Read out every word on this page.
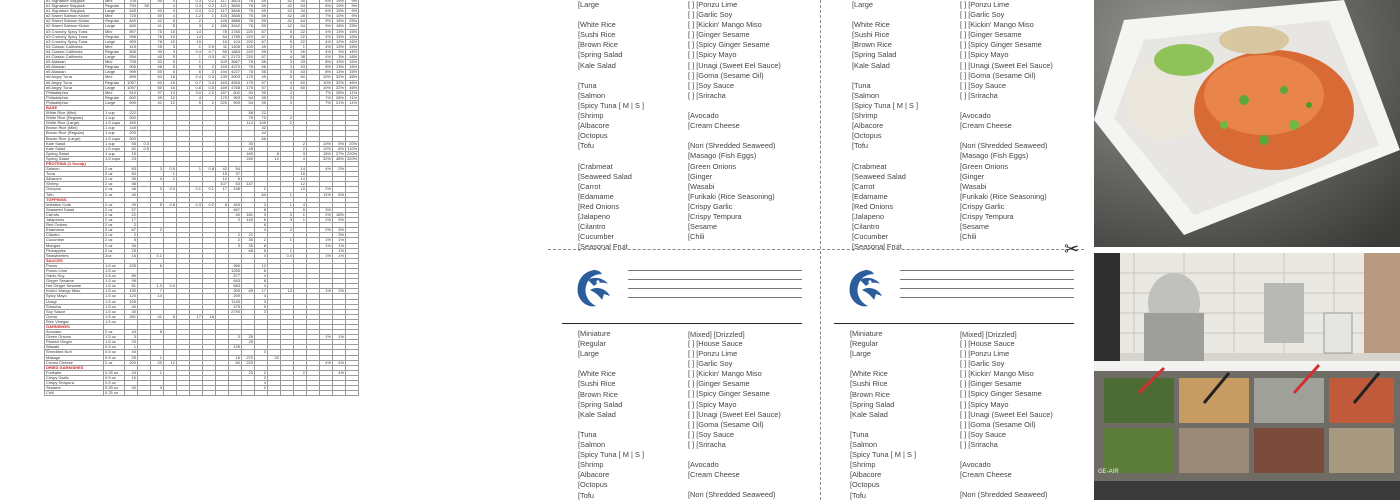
#1 Signature Skipjack	Mini	705		40	4		0.3	0.2	117	3823	78	59		42	34		6%	19%	9%
#1 Signature Skipjack	Regular	794	50		4		0.3	0.2	121	3845	78	59		42	54		6%	19%	9%
#1 Signature Skipjack	Large	845		40	4		0.3	0.2	117	3846	78	59		42	34		6%	19%	9%
#2 Sweet Salmon Kicker	Mini	725		40	4		1.2	1	103	3835	76	59		42	28		7%	10%	9%
#2 Sweet Salmon Kicker	Regular	840		42	5		2		145	3888	78	59		42	64		9%	18%	25%
#2 Sweet Salmon Kicker	Large	840		41	5		3	2	185	3942	78	59		42	54		9%	18%	25%
#3 Crunchy Spicy Tuna	Mini	897		75	10		14		78	1783	220	67		5	22		4%	13%	16%
#3 Crunchy Spicy Tuna	Regular	996		76	10		14		54	1785	220	67		5	22		4%	13%	16%
#3 Crunchy Spicy Tuna	Large	993		76	10		19		16	104	220	67		5	22		4%	12%	16%
#4 Classic California	Mini	415		25	3		1	0.5	11	1408	100	49		3	1		4%	13%	16%
#4 Classic California	Regular	506		30	3		0.4	0.7	55	1863	220	55		3	26		4%	3%	16%
#4 Classic California	Large	559		40	5		1	0.5	67	2173	220	67		4	38		4%	3%	16%
#5 Alaskan	Mini	705		33	5		1		103	3667	78	56		3	33		8%	13%	16%
#5 Alaskan	Regular	906		48	5		5	2	153	4270	78	56		3	53		8%	13%	16%
#5 Alaskan	Large	999		50	6		6	2	194	4227	78	56		3	43		8%	13%	16%
#6 Angry Tuna	Mini	899		54	16		0.4	0.3	139	3903	175	49		5	60		10%	32%	46%
#6 Angry Tuna	Regular	1057		60	16		0.7	0.4	163	4553	175	57		4	60		10%	32%	46%
#6 Angry Tuna	Large	1097		60	16		0.8	0.5	169	4758	175	57		4	60		10%	32%	46%
Philadelphia	Mini	510		37	13		3.0	2.0	157	802	54	35		2			7%	28%	11%
Philadelphia	Regular	602		39	12		4		179	953	54	35		3			7%	28%	11%
Philadelphia	Large	690		41	12		5	2	220	909	54	35		3			7%	21%	11%
BASE																			
White Rice (Mini)	1 cup	222									58	22							
White Rice (Regular)	1 cup	300									75	70		2					
White Rice (Large)	1.5 cups	450									114	105		2					
Brown Rice (Mini)	1 cup	140										32							
Brown Rice (Regular)	1 cup	200										44							
Brown Rice (Large)	1.5 cups	300										66							
Kale Salad	1 cup	55	0.3								30				2		10%	5%	20%
Kale Salad	1.5 cups	82	0.5								45				2		10%	8%	110%
Spring Salad	1 cup	15									160		8		3		15%	27%	220%
Spring Salad	1.5 cups	23									240		12		4		32%	48%	320%
PROTEINS (1 Scoop)																			
Salmon	2 oz	83		3	0.5		1	0.8	42	54					14		4%	2%	
Tuna	2 oz	60			1				15	37					16				
Albacore	2 oz	30		4	1				12	6					14				
Shrimp	2 oz	56							107	63	147				12				
Octopus	2 oz	46		0	0.0		0.1	0.1	17	198		2			10		2%		
Tofu	2 oz	40										64		1			11%	5%	
TOPPINGS																			
Imitation Crab	2 oz	49		5	0.8		0.3	0.2	8	453		3		1	4				
Seaweed Salad	2 oz	57								467		8			5		3%		
Carrots	2 oz	22								40	181	3		3	1		2%	18%	
Jalapenos	2 oz	17								2	140	6		3	1		2%	9%	
Red Onions	2 oz	2										6							
Edamame	2 oz	67		2								4		2			2%	3%	
Cilantro	2 oz	2								2	21							3%	
Cucumber	2 oz	5								2	30	2		1			1%	1%	
Mangos	2 oz	34								3	35	8					1%	1%	
Pineapples	2 oz	25									66	8		1				1%	
Strawberries	2oz	16		0.1								4		0.4			1%	1%	
SAUCES																			
Ponzu	1.5 oz	105		6						960		12							
Ponzu Lime	1.5 oz									1255		6							
Garlic Soy	1.5 oz	89								677		4							
Ginger Sesame	1.5 oz	99								643		8							
Hot Ginger Sesame	1.5 oz	81		1.3	0.4					683		4							
Kickin' Mango Miso	1.5 oz	130		7						309	89	17		13			1%	2%	
Spicy Mayo	1.5 oz	120		14						259		4							
Unagi	1.5 oz	105								1140		3							
Sriracha	1.5 oz	40								475		9							
Soy Sauce	1.5 oz	30								2790		3							
Goma	1.5 oz	261		41	6		17	16											
Rice Vinegar	1.5 oz																		
GARNISHES																			
Avocado	2 oz	44		8															
Green Onions	1.5 oz	3								3	29						1%	1%	
Pickled Ginger	1.5 oz	23									25								
Wasabi	0.5 oz	1								135									
Shredded Nori	0.5 oz	40										3							
Masago	0.5 oz	25		1						16	270		22						
Cream Cheese	2 oz	200		20	12					60	220						4%	4%	
DRIED GARNISHES																			
Furikake	0.25 oz	24		1							23	2			2			4%	
Crispy Garlic	0.5 oz	10										2							
Crispy Tempura	0.5 oz											4							
Sesame	0.25 oz	40		3								2							
Chili	0.25 oz																		
✂
[Large
[White Rice
[Sushi Rice
[Brown Rice
[Spring Salad
[Kale Salad
[Tuna
[Salmon
[Spicy Tuna [ M | S ]
[Shrimp
[Albacore
[Octopus
[Tofu
[Crabmeat
[Seaweed Salad
[Carrot
[Edamame
[Red Onions
[Jalapeno
[Cilantro
[Cucumber
[Seasonal Fruit
[ ] [Ponzu Lime
[ ] [Garlic Soy
[ ] [Kickin' Mango Miso
[ ] [Ginger Sesame
[ ] [Spicy Ginger Sesame
[ ] [Spicy Mayo
[ ] [Unagi (Sweet Eel Sauce)
[ ] [Goma (Sesame Oil)
[ ] [Soy Sauce
[ ] [Sriracha
[Avocado
[Cream Cheese
[Nori (Shredded Seaweed)
[Masago (Fish Eggs)
[Green Onions
[Ginger
[Wasabi
[Furikaki (Rice Seasoning)
[Crispy Garlic
[Crispy Tempura
[Sesame
[Chili
[Large
[White Rice
[Sushi Rice
[Brown Rice
[Spring Salad
[Kale Salad
[Tuna
[Salmon
[Spicy Tuna [ M | S ]
[Shrimp
[Albacore
[Octopus
[Tofu
[Crabmeat
[Seaweed Salad
[Carrot
[Edamame
[Red Onions
[Jalapeno
[Cilantro
[Cucumber
[Seasonal Fruit
[ ] [Ponzu Lime
[ ] [Garlic Soy
[ ] [Kickin' Mango Miso
[ ] [Ginger Sesame
[ ] [Spicy Ginger Sesame
[ ] [Spicy Mayo
[ ] [Unagi (Sweet Eel Sauce)
[ ] [Goma (Sesame Oil)
[ ] [Soy Sauce
[ ] [Sriracha
[Avocado
[Cream Cheese
[Nori (Shredded Seaweed)
[Masago (Fish Eggs)
[Green Onions
[Ginger
[Wasabi
[Furikaki (Rice Seasoning)
[Crispy Garlic
[Crispy Tempura
[Sesame
[Chili
[Miniature
[Regular
[Large
[White Rice
[Sushi Rice
[Brown Rice
[Spring Salad
[Kale Salad
[Tuna
[Salmon
[Spicy Tuna [ M | S ]
[Shrimp
[Albacore
[Octopus
[Tofu
[Mixed] [Drizzled]
[ ] [House Sauce
[ ] [Ponzu Lime
[ ] [Garlic Soy
[ ] [Kickin' Mango Miso
[ ] [Ginger Sesame
[ ] [Spicy Ginger Sesame
[ ] [Spicy Mayo
[ ] [Unagi (Sweet Eel Sauce)
[ ] [Goma (Sesame Oil)
[ ] [Soy Sauce
[ ] [Sriracha
[Avocado
[Cream Cheese
[Nori (Shredded Seaweed)
[Miniature
[Regular
[Large
[White Rice
[Sushi Rice
[Brown Rice
[Spring Salad
[Kale Salad
[Tuna
[Salmon
[Spicy Tuna [ M | S ]
[Shrimp
[Albacore
[Octopus
[Tofu
[Mixed] [Drizzled]
[ ] [House Sauce
[ ] [Ponzu Lime
[ ] [Garlic Soy
[ ] [Kickin' Mango Miso
[ ] [Ginger Sesame
[ ] [Spicy Ginger Sesame
[ ] [Spicy Mayo
[ ] [Unagi (Sweet Eel Sauce)
[ ] [Goma (Sesame Oil)
[ ] [Soy Sauce
[ ] [Sriracha
[Avocado
[Cream Cheese
[Nori (Shredded Seaweed)
GE-AIR
